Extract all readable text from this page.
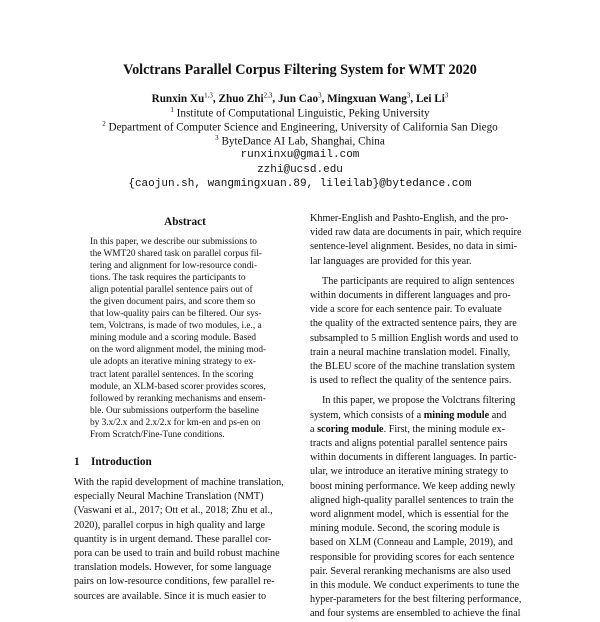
Volctrans Parallel Corpus Filtering System for WMT 2020
Runxin Xu$^{1,3}$, Zhuo Zhi$^{2,3}$, Jun Cao$^3$, Mingxuan Wang$^3$, Lei Li$^3$
$^1$ Institute of Computational Linguistic, Peking University
$^2$ Department of Computer Science and Engineering, University of California San Diego
$^3$ ByteDance AI Lab, Shanghai, China
runxinxu@gmail.com
zzhi@ucsd.edu
{caojun.sh, wangmingxuan.89, lileilab}@bytedance.com
Abstract
In this paper, we describe our submissions to
the WMT20 shared task on parallel corpus fil-
tering and alignment for low-resource condi-
tions. The task requires the participants to
align potential parallel sentence pairs out of
the given document pairs, and score them so
that low-quality pairs can be filtered. Our sys-
tem, Volctrans, is made of two modules, i.e., a
mining module and a scoring module. Based
on the word alignment model, the mining mod-
ule adopts an iterative mining strategy to ex-
tract latent parallel sentences. In the scoring
module, an XLM-based scorer provides scores,
followed by reranking mechanisms and ensem-
ble. Our submissions outperform the baseline
by 3.x/2.x and 2.x/2.x for km-en and ps-en on
From Scratch/Fine-Tune conditions.
1 Introduction
With the rapid development of machine translation,
especially Neural Machine Translation (NMT)
(Vaswani et al., 2017; Ott et al., 2018; Zhu et al.,
2020), parallel corpus in high quality and large
quantity is in urgent demand. These parallel cor-
pora can be used to train and build robust machine
translation models. However, for some language
pairs on low-resource conditions, few parallel re-
sources are available. Since it is much easier to
Khmer-English and Pashto-English, and the pro-
vided raw data are documents in pair, which require
sentence-level alignment. Besides, no data in simi-
lar languages are provided for this year.
The participants are required to align sentences
within documents in different languages and pro-
vide a score for each sentence pair. To evaluate
the quality of the extracted sentence pairs, they are
subsampled to 5 million English words and used to
train a neural machine translation model. Finally,
the BLEU score of the machine translation system
is used to reflect the quality of the sentence pairs.
In this paper, we propose the Volctrans filtering
system, which consists of a mining module and
a scoring module. First, the mining module ex-
tracts and aligns potential parallel sentence pairs
within documents in different languages. In partic-
ular, we introduce an iterative mining strategy to
boost mining performance. We keep adding newly
aligned high-quality parallel sentences to train the
word alignment model, which is essential for the
mining module. Second, the scoring module is
based on XLM (Conneau and Lample, 2019), and
responsible for providing scores for each sentence
pair. Several reranking mechanisms are also used
in this module. We conduct experiments to tune the
hyper-parameters for the best filtering performance,
and four systems are ensembled to achieve the final
